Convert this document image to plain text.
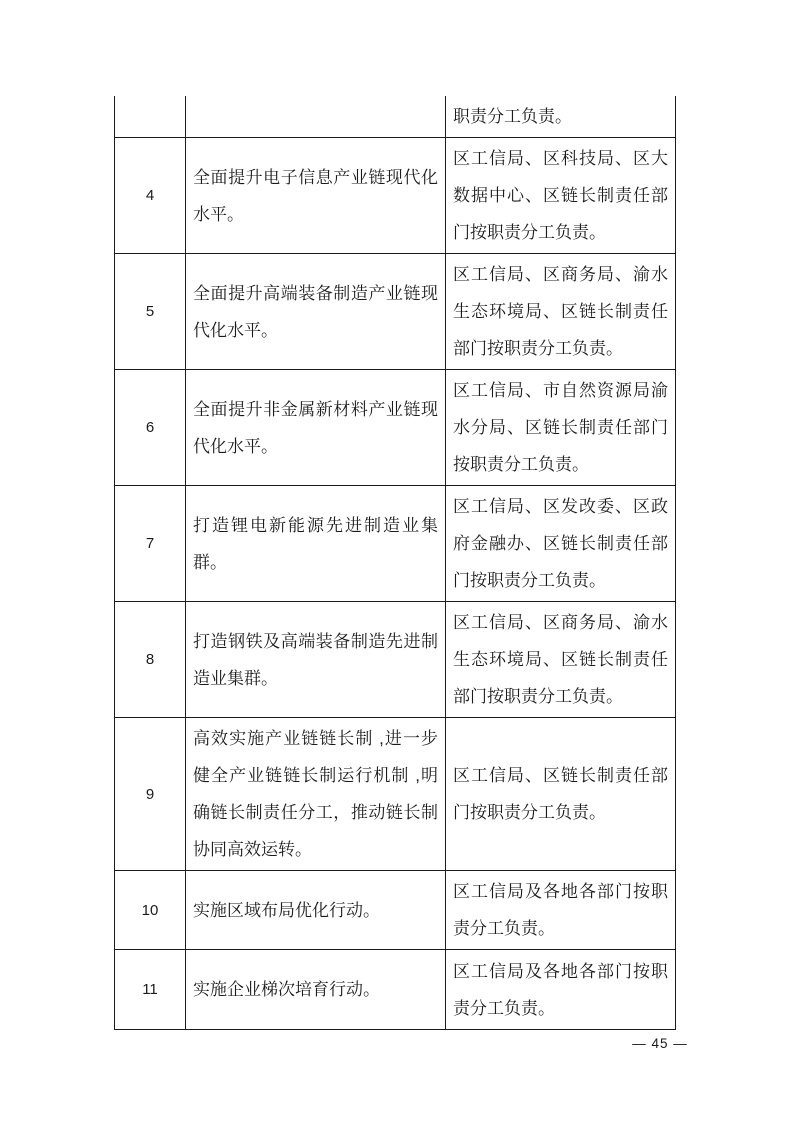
		职责分工负责。
4	全面提升电子信息产业链现代化水平。	区工信局、区科技局、区大数据中心、区链长制责任部门按职责分工负责。
5	全面提升高端装备制造产业链现代化水平。	区工信局、区商务局、渝水生态环境局、区链长制责任部门按职责分工负责。
6	全面提升非金属新材料产业链现代化水平。	区工信局、市自然资源局渝水分局、区链长制责任部门按职责分工负责。
7	打造锂电新能源先进制造业集群。	区工信局、区发改委、区政府金融办、区链长制责任部门按职责分工负责。
8	打造钢铁及高端装备制造先进制造业集群。	区工信局、区商务局、渝水生态环境局、区链长制责任部门按职责分工负责。
9	高效实施产业链链长制 ,进一步健全产业链链长制运行机制 ,明确链长制责任分工，推动链长制协同高效运转。	区工信局、区链长制责任部门按职责分工负责。
10	实施区域布局优化行动。	区工信局及各地各部门按职责分工负责。
11	实施企业梯次培育行动。	区工信局及各地各部门按职责分工负责。
— 45 —
